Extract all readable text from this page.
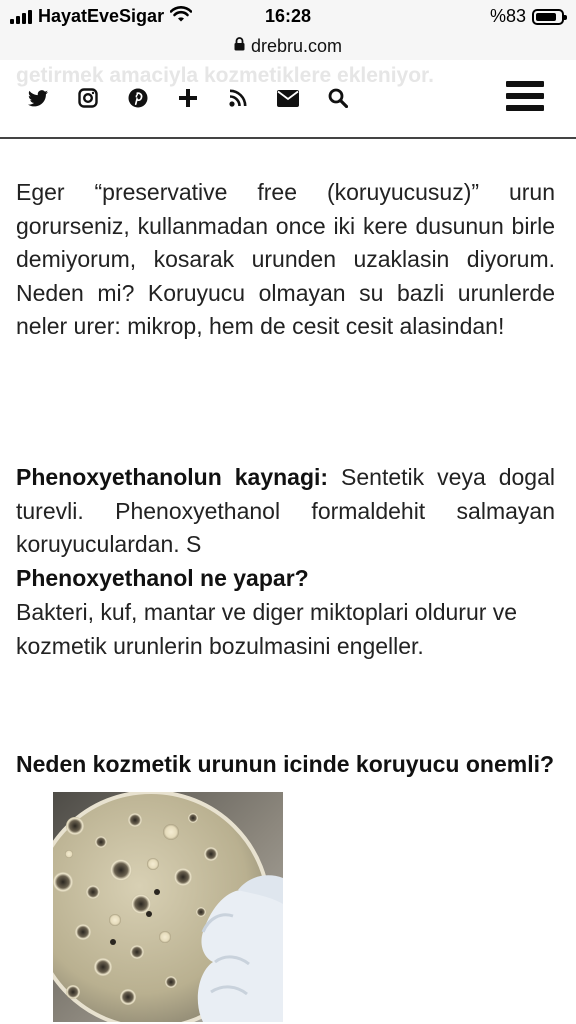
HayatEveSigar	16:28	%83
drebru.com
getirmek amaciyla kozmetiklere ekleniyor.

Eger “preservative free (koruyucusuz)” urun gorurseniz, kullanmadan once iki kere dusunun birle demiyorum, kosarak urunden uzaklasin diyorum. Neden mi? Koruyucu olmayan su bazli urunlerde neler urer: mikrop, hem de cesit cesit alasindan!

Phenoxyethanolun kaynagi: Sentetik veya dogal turevli. Phenoxyethanol formaldehit salmayan koruyuculardan. S

Phenoxyethanol ne yapar?

Bakteri, kuf, mantar ve diger miktoplari oldurur ve kozmetik urunlerin bozulmasini engeller.

Neden kozmetik urunun icinde koruyucu onemli?
